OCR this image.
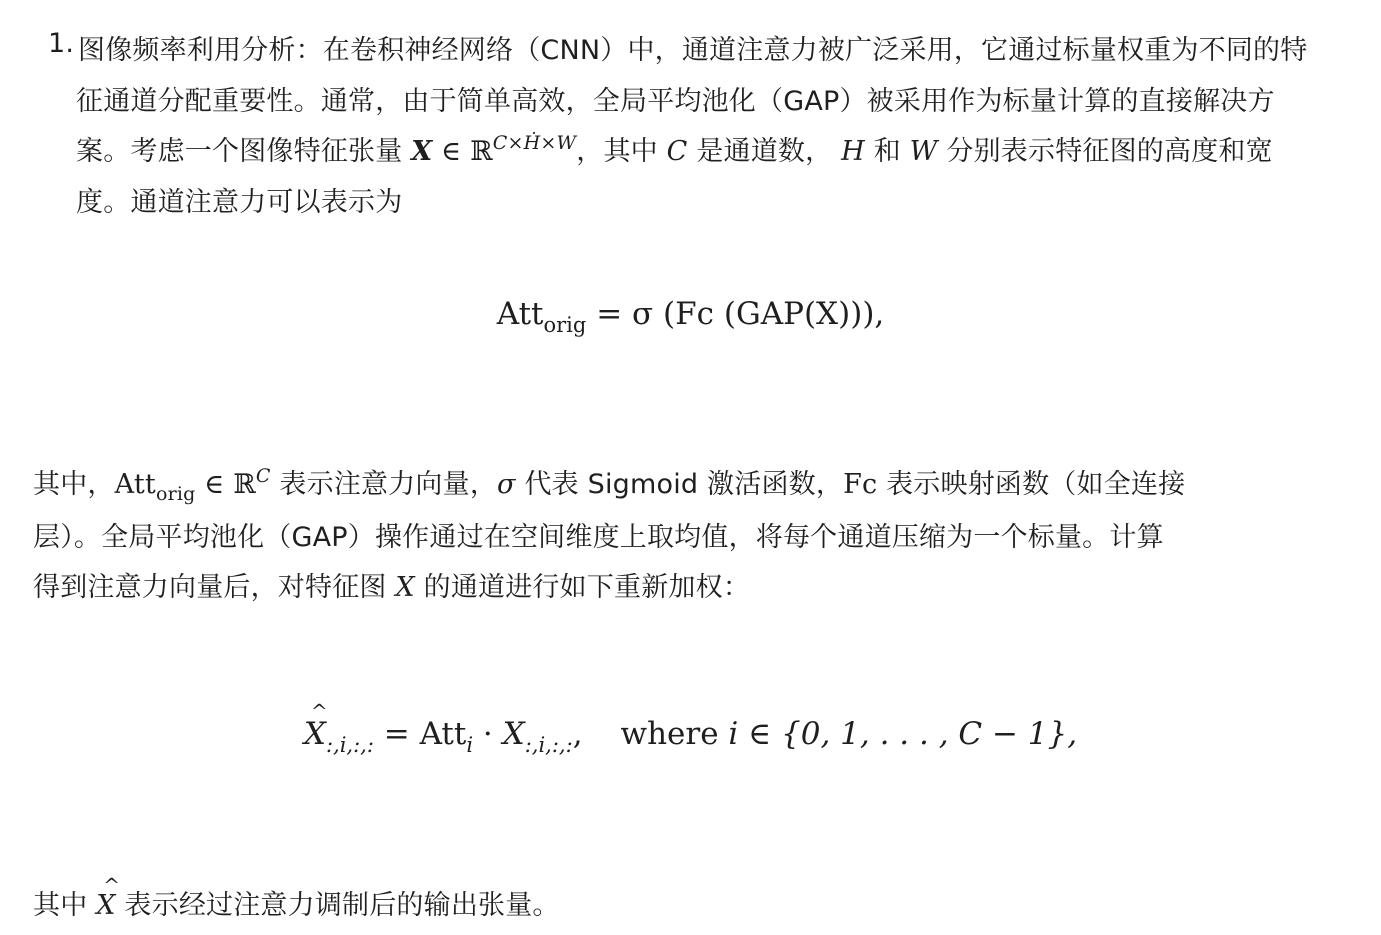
1. 图像频率利用分析：在卷积神经网络（CNN）中，通道注意力被广泛采用，它通过标量权重为不同的特
征通道分配重要性。通常，由于简单高效，全局平均池化（GAP）被采用作为标量计算的直接解决方
案。考虑一个图像特征张量 X ∈ ℝ$^{C\times Ḣ\times W}$，其中 C 是通道数， H 和 W 分别表示特征图的高度和宽
度。通道注意力可以表示为
Att$_{orig}$ = σ (Fc (GAP(X))),
其中，Att$_{orig}$ ∈ ℝ$^C$ 表示注意力向量，σ 代表 Sigmoid 激活函数，Fc 表示映射函数（如全连接
层）。全局平均池化（GAP）操作通过在空间维度上取均值，将每个通道压缩为一个标量。计算
得到注意力向量后，对特征图 X 的通道进行如下重新加权：
^ $X_{:,i,:,:} = Att_i \cdot X_{:,i,:,:}$, where i ∈ {0, 1, . . . , C − 1},
其中 ^ X 表示经过注意力调制后的输出张量。
